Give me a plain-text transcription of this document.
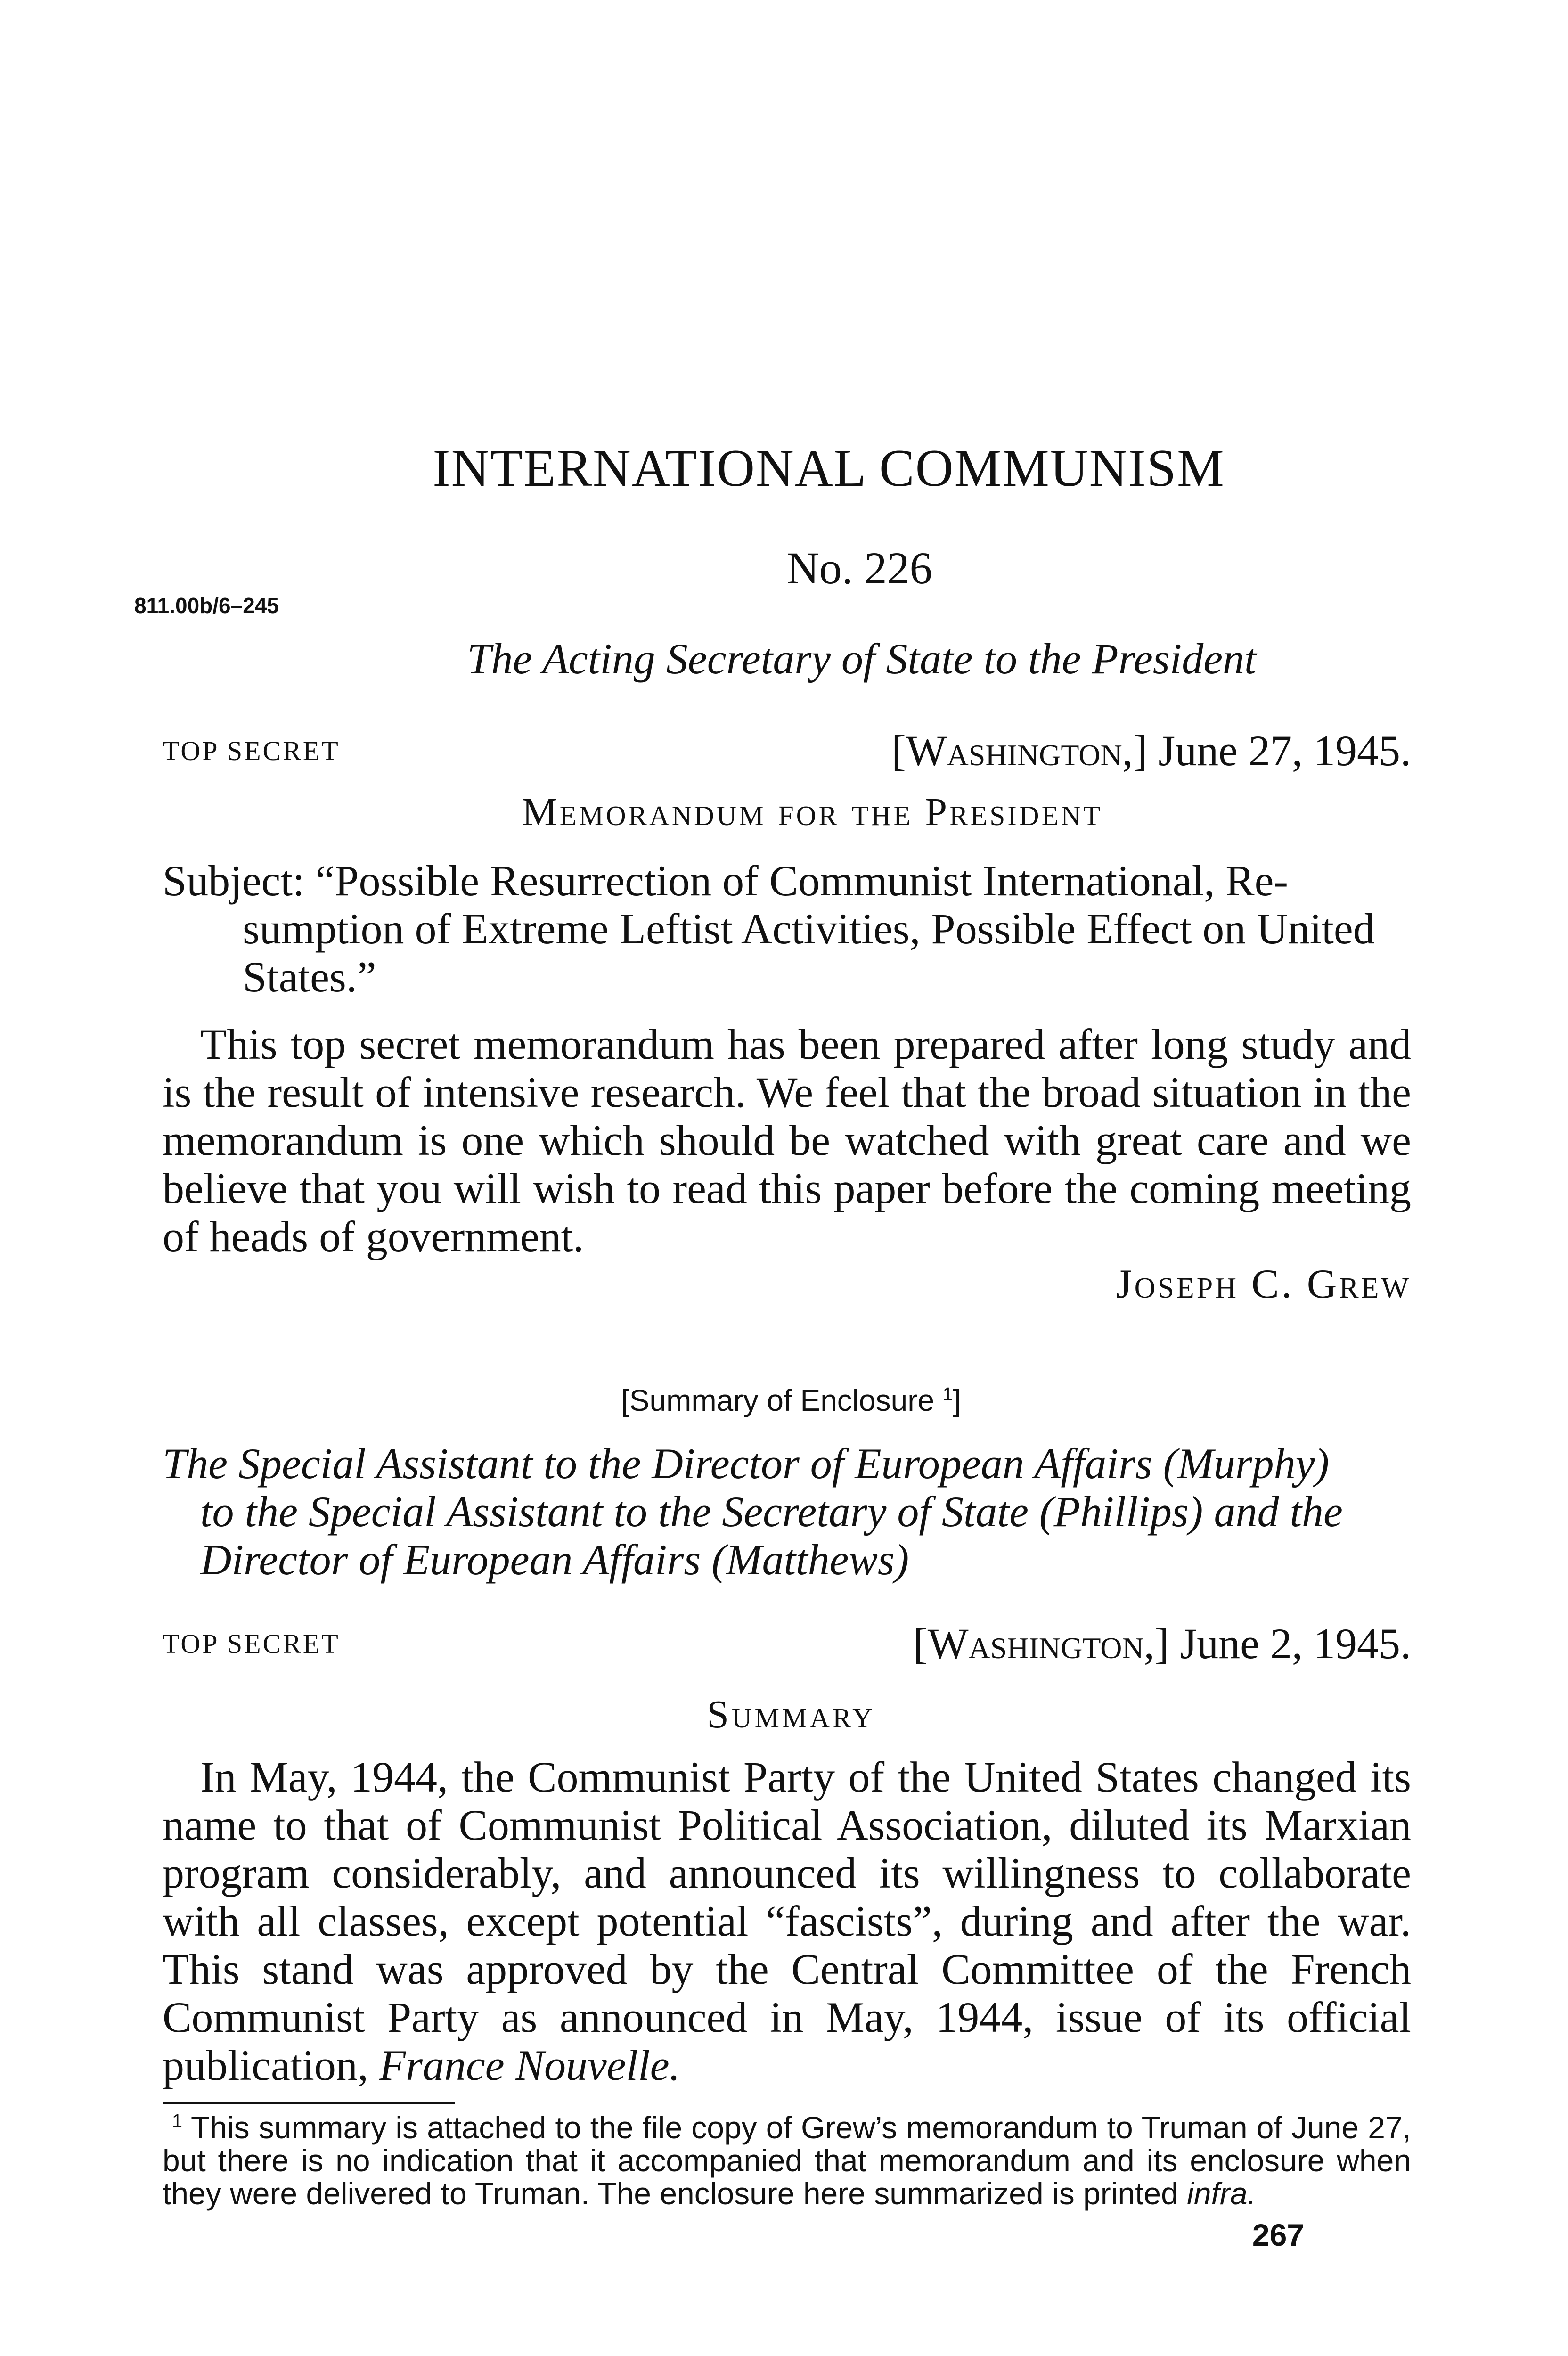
INTERNATIONAL COMMUNISM
No. 226
811.00b/6–245
The Acting Secretary of State to the President
TOP SECRET	[Washington,] June 27, 1945.
Memorandum for the President
Subject: “Possible Resurrection of Communist International, Re-
sumption of Extreme Leftist Activities, Possible Effect on United
States.”
This top secret memorandum has been prepared after long study and is the result of intensive research. We feel that the broad situation in the memorandum is one which should be watched with great care and we believe that you will wish to read this paper before the coming meeting of heads of government.
Joseph C. Grew
[Summary of Enclosure $^1$]
The Special Assistant to the Director of European Affairs (Murphy)
to the Special Assistant to the Secretary of State (Phillips) and the
Director of European Affairs (Matthews)
TOP SECRET	[Washington,] June 2, 1945.
Summary
In May, 1944, the Communist Party of the United States changed its name to that of Communist Political Association, diluted its Marxian program considerably, and announced its willingness to collaborate with all classes, except potential “fascists”, during and after the war. This stand was approved by the Central Committee of the French Communist Party as announced in May, 1944, issue of its official publication, France Nouvelle.
$^1$ This summary is attached to the file copy of Grew’s memorandum to Truman of June 27, but there is no indication that it accompanied that memorandum and its enclosure when they were delivered to Truman. The enclosure here summarized is printed infra.
267
